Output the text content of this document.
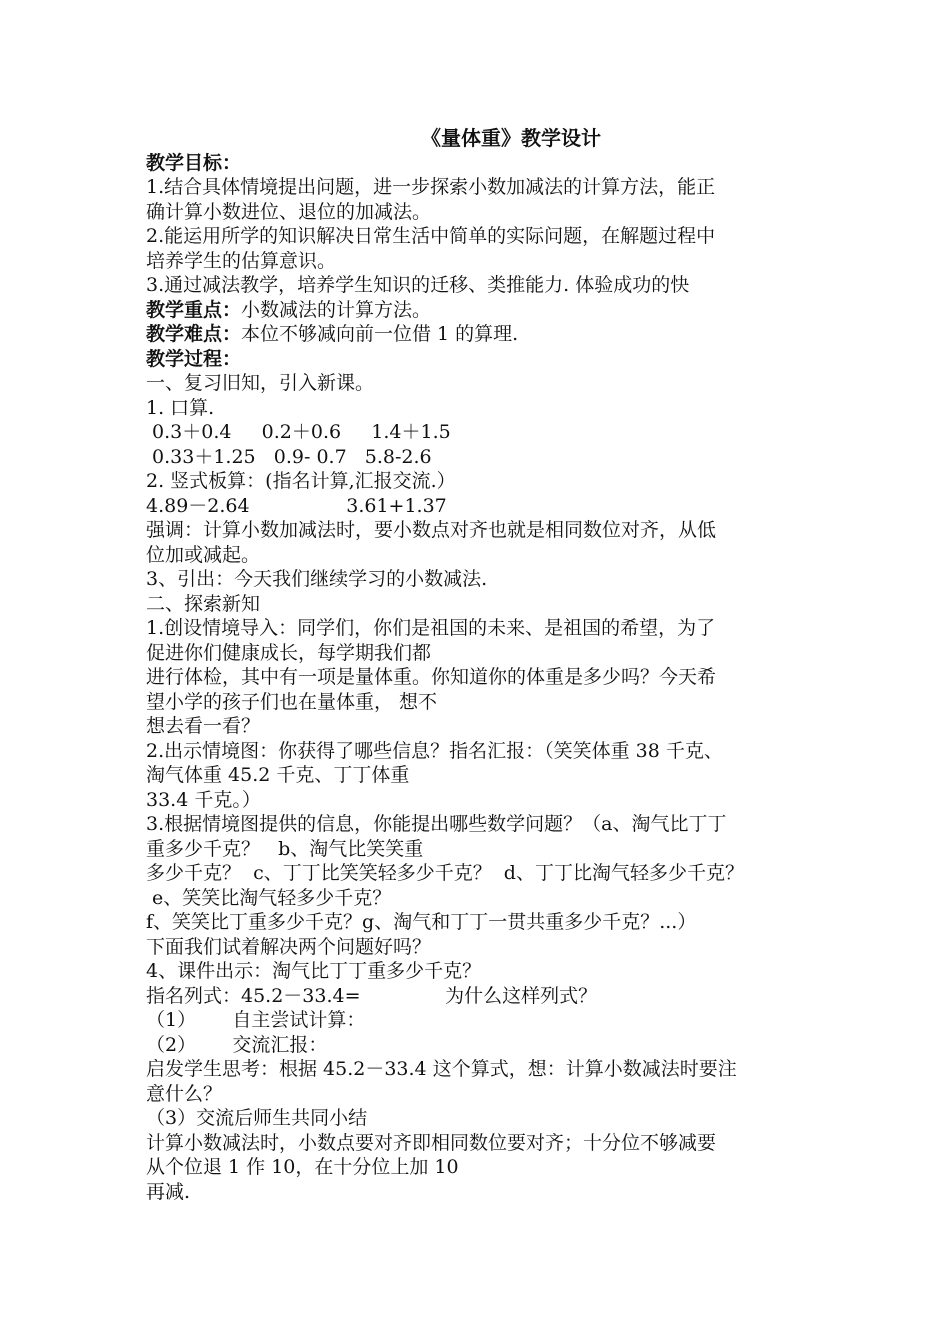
《量体重》教学设计
教学目标：
1.结合具体情境提出问题，进一步探索小数加减法的计算方法，能正
确计算小数进位、退位的加减法。
2.能运用所学的知识解决日常生活中简单的实际问题，在解题过程中
培养学生的估算意识。
3.通过减法教学，培养学生知识的迁移、类推能力. 体验成功的快
教学重点：小数减法的计算方法。
教学难点：本位不够减向前一位借 1 的算理.
教学过程：
一、复习旧知，引入新课。
1. 口算.
0.3＋0.4     0.2＋0.6     1.4＋1.5
0.33＋1.25   0.9- 0.7   5.8-2.6
2. 竖式板算：(指名计算,汇报交流.）
4.89－2.64                3.61+1.37
强调：计算小数加减法时，要小数点对齐也就是相同数位对齐，从低
位加或减起。
3、引出：今天我们继续学习的小数减法.
二、探索新知
1.创设情境导入：同学们，你们是祖国的未来、是祖国的希望，为了
促进你们健康成长，每学期我们都
进行体检，其中有一项是量体重。你知道你的体重是多少吗？今天希
望小学的孩子们也在量体重， 想不
想去看一看？
2.出示情境图：你获得了哪些信息？指名汇报：（笑笑体重 38 千克、
淘气体重 45.2 千克、丁丁体重
33.4 千克。）
3.根据情境图提供的信息，你能提出哪些数学问题？（a、淘气比丁丁
重多少千克？   b、淘气比笑笑重
多少千克？  c、丁丁比笑笑轻多少千克？  d、丁丁比淘气轻多少千克？
e、笑笑比淘气轻多少千克？
f、笑笑比丁重多少千克？g、淘气和丁丁一贯共重多少千克？...）
下面我们试着解决两个问题好吗？
4、课件出示：淘气比丁丁重多少千克？
指名列式：45.2－33.4=              为什么这样列式？
（1）      自主尝试计算：
（2）      交流汇报：
启发学生思考：根据 45.2－33.4 这个算式，想：计算小数减法时要注
意什么？
（3）交流后师生共同小结
计算小数减法时，小数点要对齐即相同数位要对齐；十分位不够减要
从个位退 1 作 10，在十分位上加 10
再减.
